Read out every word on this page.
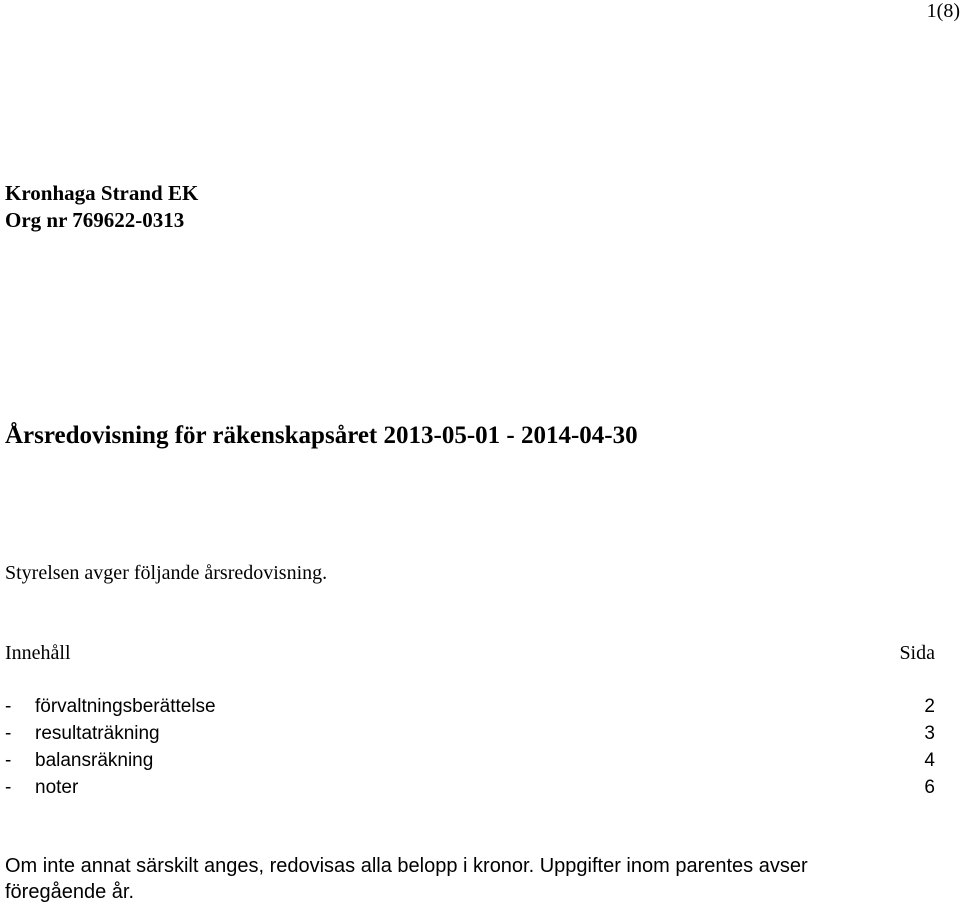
1(8)
Kronhaga Strand EK
Org nr 769622-0313
Årsredovisning för räkenskapsåret 2013-05-01 - 2014-04-30
Styrelsen avger följande årsredovisning.
Innehåll	Sida
- förvaltningsberättelse	2
- resultaträkning	3
- balansräkning	4
- noter	6
Om inte annat särskilt anges, redovisas alla belopp i kronor. Uppgifter inom parentes avser föregående år.
